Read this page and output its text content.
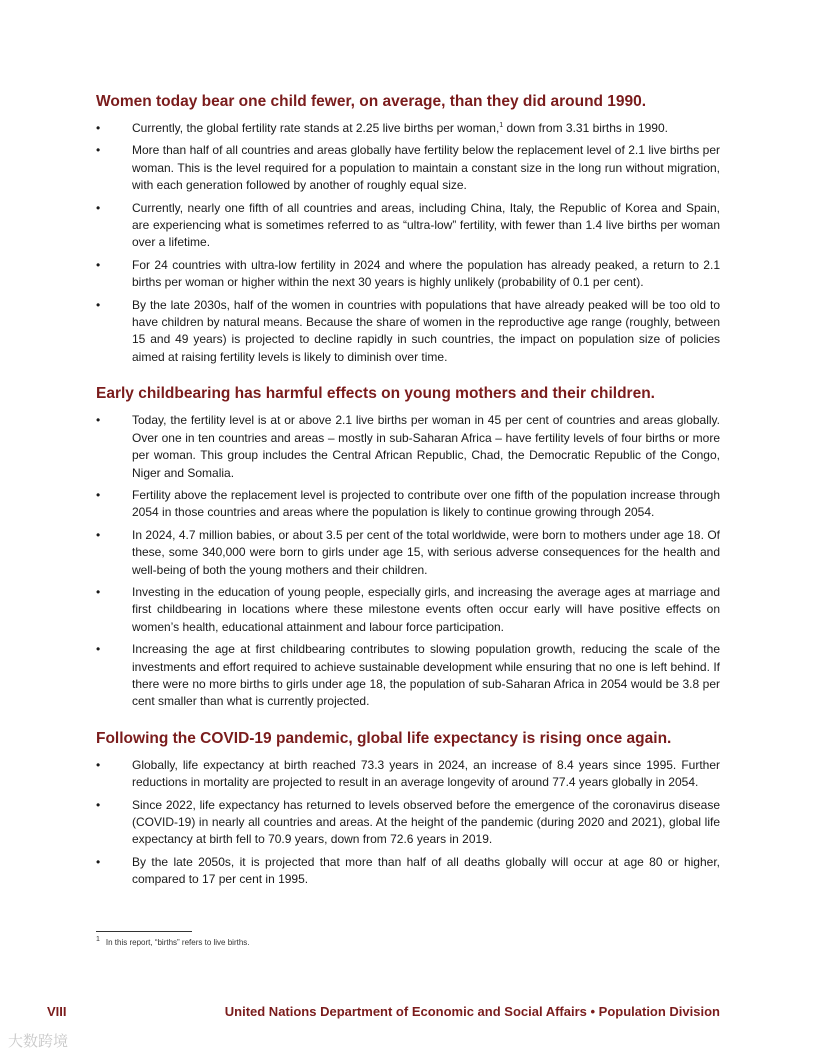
Women today bear one child fewer, on average, than they did around 1990.
•	Currently, the global fertility rate stands at 2.25 live births per woman,$^1$ down from 3.31 births in 1990.
•	More than half of all countries and areas globally have fertility below the replacement level of 2.1 live births per woman. This is the level required for a population to maintain a constant size in the long run without migration, with each generation followed by another of roughly equal size.
•	Currently, nearly one fifth of all countries and areas, including China, Italy, the Republic of Korea and Spain, are experiencing what is sometimes referred to as “ultra-low” fertility, with fewer than 1.4 live births per woman over a lifetime.
•	For 24 countries with ultra-low fertility in 2024 and where the population has already peaked, a return to 2.1 births per woman or higher within the next 30 years is highly unlikely (probability of 0.1 per cent).
•	By the late 2030s, half of the women in countries with populations that have already peaked will be too old to have children by natural means. Because the share of women in the reproductive age range (roughly, between 15 and 49 years) is projected to decline rapidly in such countries, the impact on population size of policies aimed at raising fertility levels is likely to diminish over time.
Early childbearing has harmful effects on young mothers and their children.
•	Today, the fertility level is at or above 2.1 live births per woman in 45 per cent of countries and areas globally. Over one in ten countries and areas – mostly in sub-Saharan Africa – have fertility levels of four births or more per woman. This group includes the Central African Republic, Chad, the Democratic Republic of the Congo, Niger and Somalia.
•	Fertility above the replacement level is projected to contribute over one fifth of the population increase through 2054 in those countries and areas where the population is likely to continue growing through 2054.
•	In 2024, 4.7 million babies, or about 3.5 per cent of the total worldwide, were born to mothers under age 18. Of these, some 340,000 were born to girls under age 15, with serious adverse consequences for the health and well-being of both the young mothers and their children.
•	Investing in the education of young people, especially girls, and increasing the average ages at marriage and first childbearing in locations where these milestone events often occur early will have positive effects on women’s health, educational attainment and labour force participation.
•	Increasing the age at first childbearing contributes to slowing population growth, reducing the scale of the investments and effort required to achieve sustainable development while ensuring that no one is left behind. If there were no more births to girls under age 18, the population of sub-Saharan Africa in 2054 would be 3.8 per cent smaller than what is currently projected.
Following the COVID-19 pandemic, global life expectancy is rising once again.
•	Globally, life expectancy at birth reached 73.3 years in 2024, an increase of 8.4 years since 1995. Further reductions in mortality are projected to result in an average longevity of around 77.4 years globally in 2054.
•	Since 2022, life expectancy has returned to levels observed before the emergence of the coronavirus disease (COVID-19) in nearly all countries and areas. At the height of the pandemic (during 2020 and 2021), global life expectancy at birth fell to 70.9 years, down from 72.6 years in 2019.
•	By the late 2050s, it is projected that more than half of all deaths globally will occur at age 80 or higher, compared to 17 per cent in 1995.
$^1$ In this report, “births” refers to live births.
VIII	United Nations Department of Economic and Social Affairs • Population Division
大数跨境
